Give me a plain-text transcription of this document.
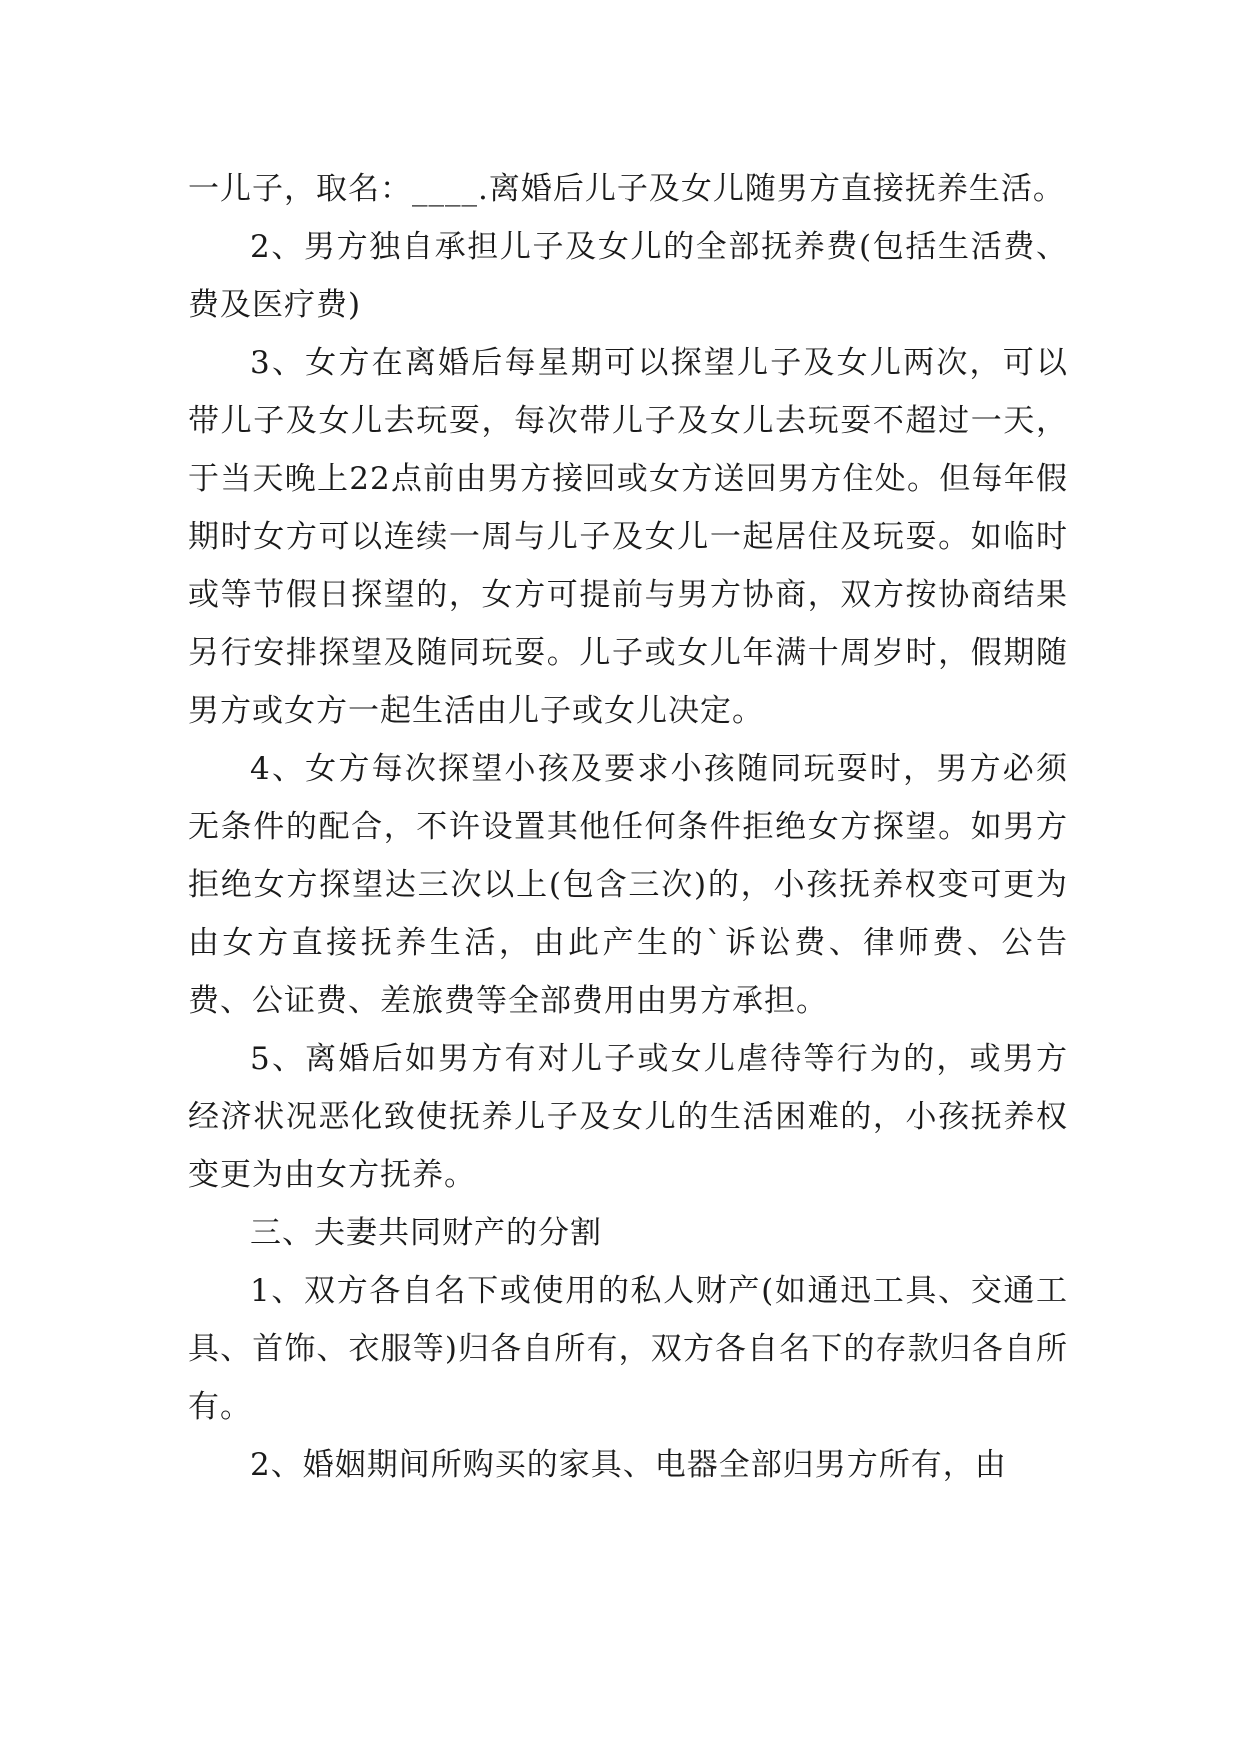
一儿子，取名：____.离婚后儿子及女儿随男方直接抚养生活。

2、男方独自承担儿子及女儿的全部抚养费(包括生活费、费及医疗费)

3、女方在离婚后每星期可以探望儿子及女儿两次，可以带儿子及女儿去玩耍，每次带儿子及女儿去玩耍不超过一天，于当天晚上22点前由男方接回或女方送回男方住处。但每年假期时女方可以连续一周与儿子及女儿一起居住及玩耍。如临时或等节假日探望的，女方可提前与男方协商，双方按协商结果另行安排探望及随同玩耍。儿子或女儿年满十周岁时，假期随男方或女方一起生活由儿子或女儿决定。

4、女方每次探望小孩及要求小孩随同玩耍时，男方必须无条件的配合，不许设置其他任何条件拒绝女方探望。如男方拒绝女方探望达三次以上(包含三次)的，小孩抚养权变可更为由女方直接抚养生活，由此产生的`诉讼费、律师费、公告费、公证费、差旅费等全部费用由男方承担。

5、离婚后如男方有对儿子或女儿虐待等行为的，或男方经济状况恶化致使抚养儿子及女儿的生活困难的，小孩抚养权变更为由女方抚养。

三、夫妻共同财产的分割

1、双方各自名下或使用的私人财产(如通迅工具、交通工具、首饰、衣服等)归各自所有，双方各自名下的存款归各自所有。

2、婚姻期间所购买的家具、电器全部归男方所有，由
